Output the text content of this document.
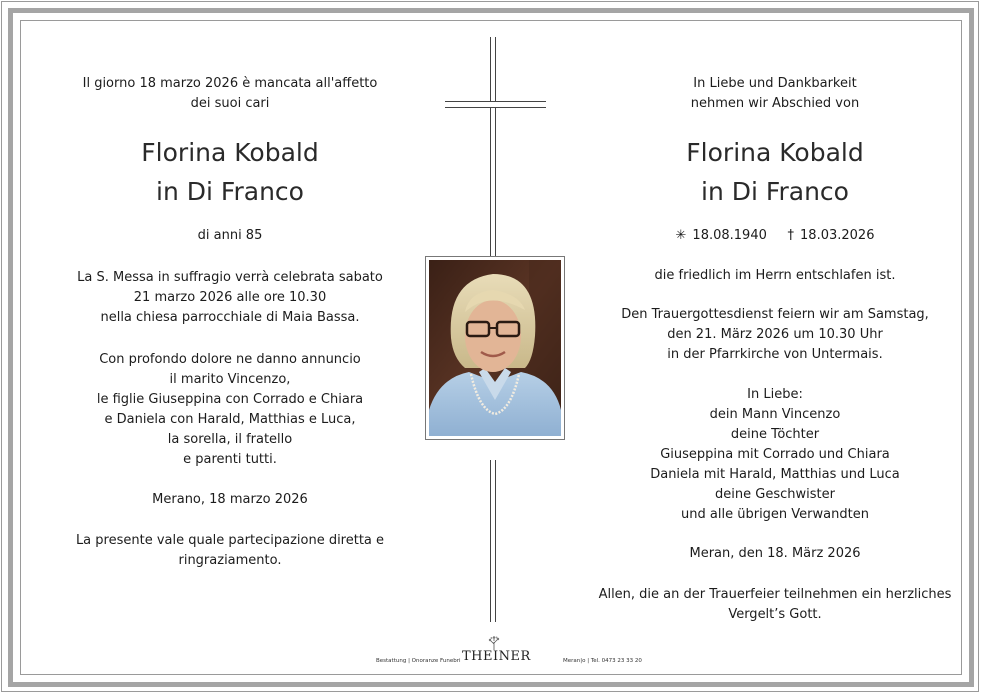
Il giorno 18 marzo 2026 è mancata all'affetto
dei suoi cari
Florina Kobald
in Di Franco
di anni 85
La S. Messa in suffragio verrà celebrata sabato
21 marzo 2026 alle ore 10.30
nella chiesa parrocchiale di Maia Bassa.
Con profondo dolore ne danno annuncio
il marito Vincenzo,
le figlie Giuseppina con Corrado e Chiara
e Daniela con Harald, Matthias e Luca,
la sorella, il fratello
e parenti tutti.
Merano, 18 marzo 2026
La presente vale quale partecipazione diretta e
ringraziamento.
In Liebe und Dankbarkeit
nehmen wir Abschied von
Florina Kobald
in Di Franco
✳ 18.08.1940 † 18.03.2026
die friedlich im Herrn entschlafen ist.
Den Trauergottesdienst feiern wir am Samstag,
den 21. März 2026 um 10.30 Uhr
in der Pfarrkirche von Untermais.
In Liebe:
dein Mann Vincenzo
deine Töchter
Giuseppina mit Corrado und Chiara
Daniela mit Harald, Matthias und Luca
deine Geschwister
und alle übrigen Verwandten
Meran, den 18. März 2026
Allen, die an der Trauerfeier teilnehmen ein herzliches
Vergelt’s Gott.
Bestattung | Onoranze Funebri THEINER	Meran|o | Tel. 0473 23 33 20
